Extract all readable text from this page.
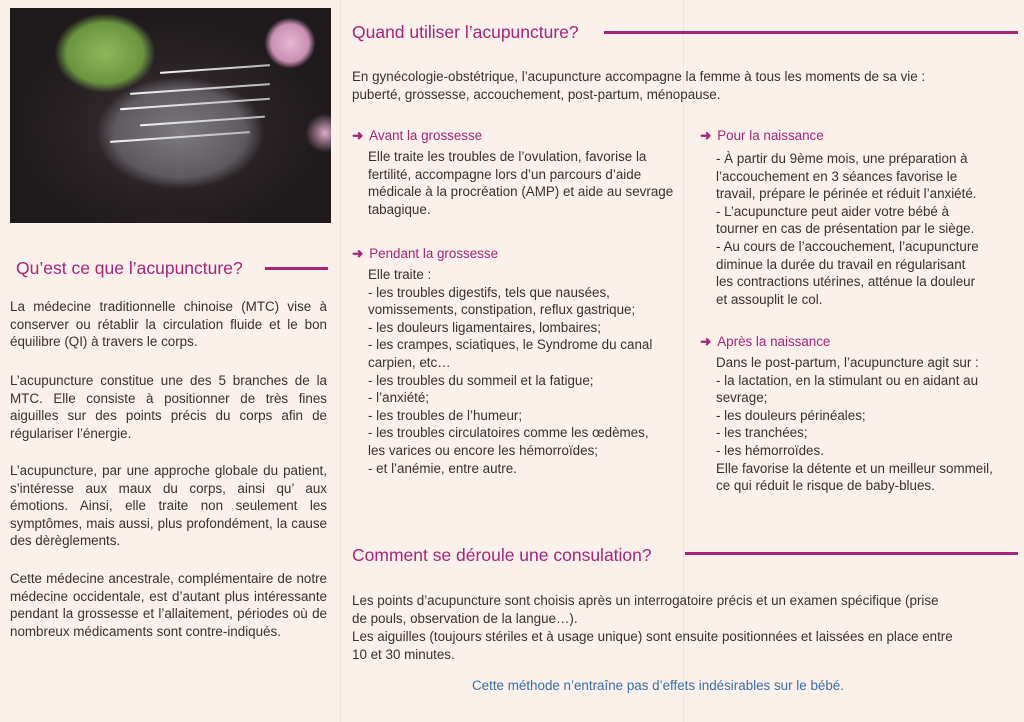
Qu’est ce que l’acupuncture?
La médecine traditionnelle chinoise (MTC) vise à conserver ou rétablir la circulation fluide et le bon équilibre (QI) à travers le corps.
L’acupuncture constitue une des 5 branches de la MTC. Elle consiste à positionner de très fines aiguilles sur des points précis du corps afin de régulariser l’énergie.
L’acupuncture, par une approche globale du patient, s’intéresse aux maux du corps, ainsi qu’ aux émotions. Ainsi, elle traite non seulement les symptômes, mais aussi, plus profondément, la cause des dèrèglements.
Cette médecine ancestrale, complémentaire de notre médecine occidentale, est d’autant plus intéressante pendant la grossesse et l’allaitement, périodes où de nombreux médicaments sont contre-indiqués.
Quand utiliser l’acupuncture?
En gynécologie-obstétrique, l’acupuncture accompagne la femme à tous les moments de sa vie :
puberté, grossesse, accouchement, post-partum, ménopause.
➜ Avant la grossesse
Elle traite les troubles de l’ovulation, favorise la fertilité, accompagne lors d’un parcours d’aide médicale à la procréation (AMP) et aide au sevrage tabagique.
➜ Pendant la grossesse
Elle traite :
- les troubles digestifs, tels que nausées,
vomissements, constipation, reflux gastrique;
- les douleurs ligamentaires, lombaires;
- les crampes, sciatiques, le Syndrome du canal
carpien, etc…
- les troubles du sommeil et la fatigue;
- l’anxiété;
- les troubles de l’humeur;
- les troubles circulatoires comme les œdèmes,
les varices ou encore les hémorroïdes;
- et l’anémie, entre autre.
➜ Pour la naissance
- À partir du 9ème mois, une préparation à
l’accouchement en 3 séances favorise le
travail, prépare le périnée et réduit l’anxiété.
- L’acupuncture peut aider votre bébé à
tourner en cas de présentation par le siège.
- Au cours de l’accouchement, l’acupuncture
diminue la durée du travail en régularisant
les contractions utérines, atténue la douleur
et assouplit le col.
➜ Après la naissance
Dans le post-partum, l’acupuncture agit sur :
- la lactation, en la stimulant ou en aidant au
sevrage;
- les douleurs périnéales;
- les tranchées;
- les hémorroïdes.
Elle favorise la détente et un meilleur sommeil,
ce qui réduit le risque de baby-blues.
Comment se déroule une consulation?
Les points d’acupuncture sont choisis après un interrogatoire précis et un examen spécifique (prise
de pouls, observation de la langue…).
Les aiguilles (toujours stériles et à usage unique) sont ensuite positionnées et laissées en place entre
10 et 30 minutes.
Cette méthode n’entraîne pas d’effets indésirables sur le bébé.
